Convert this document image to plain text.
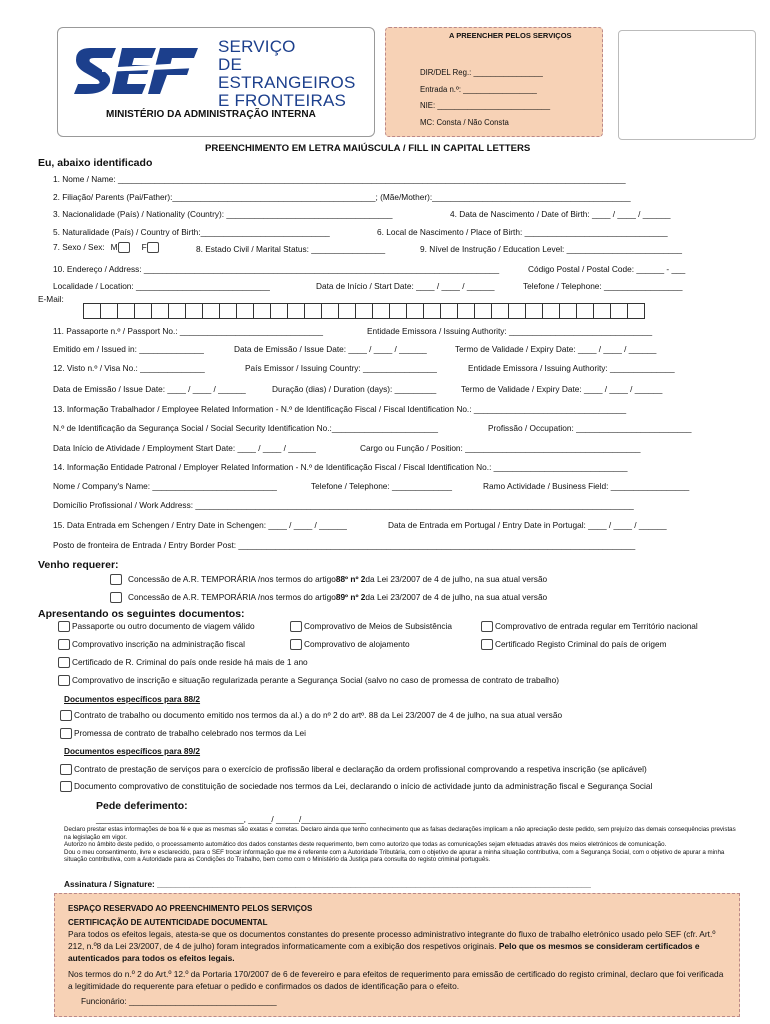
SERVIÇO
DE ESTRANGEIROS
E FRONTEIRAS
MINISTÉRIO DA ADMINISTRAÇÃO INTERNA
A PREENCHER PELOS SERVIÇOS
DIR/DEL Reg.: ________________
Entrada n.º: _________________
NIE: __________________________
MC: Consta / Não Consta
PREENCHIMENTO EM LETRA MAIÚSCULA / FILL IN CAPITAL LETTERS
Eu, abaixo identificado
1. Nome / Name: ______________________________________________________________________________________________________________
2. Filiação/ Parents (Pai/Father):____________________________________________; (Mãe/Mother):___________________________________________
3. Nacionalidade (País) / Nationality (Country): ____________________________________	4. Data de Nascimento / Date of Birth: ____ / ____ / ______
5. Naturalidade (País) / Country of Birth:____________________________	6. Local de Nascimento / Place of Birth: _______________________________
7. Sexo / Sex: M	F	8. Estado Civil / Marital Status: ________________	9. Nível de Instrução / Education Level: _________________________
10. Endereço / Address: _____________________________________________________________________________	Código Postal / Postal Code: ______ - ___
Localidade / Location: _____________________________	Data de Início / Start Date: ____ / ____ / ______	Telefone / Telephone: _________________
E-Mail:
11. Passaporte n.º / Passport No.: _______________________________	Entidade Emissora / Issuing Authority: _______________________________
Emitido em / Issued in: ______________	Data de Emissão / Issue Date: ____ / ____ / ______	Termo de Validade / Expiry Date: ____ / ____ / ______
12. Visto n.º / Visa No.: ______________	País Emissor / Issuing Country: ________________	Entidade Emissora / Issuing Authority: ______________
Data de Emissão / Issue Date: ____ / ____ / ______	Duração (dias) / Duration (days): _________	Termo de Validade / Expiry Date: ____ / ____ / ______
13. Informação Trabalhador / Employee Related Information - N.º de Identificação Fiscal / Fiscal Identification No.: _________________________________
N.º de Identificação da Segurança Social / Social Security Identification No.:_______________________	Profissão / Occupation: _________________________
Data Início de Atividade / Employment Start Date: ____ / ____ / ______	Cargo ou Função / Position: ______________________________________
14. Informação Entidade Patronal / Employer Related Information - N.º de Identificação Fiscal / Fiscal Identification No.: _____________________________
Nome / Company's Name: ___________________________	Telefone / Telephone: _____________	Ramo Actividade / Business Field: _________________
Domicílio Profissional / Work Address: _______________________________________________________________________________________________
15. Data Entrada em Schengen / Entry Date in Schengen: ____ / ____ / ______	Data de Entrada em Portugal / Entry Date in Portugal: ____ / ____ / ______
Posto de fronteira de Entrada / Entry Border Post: ______________________________________________________________________________________
Venho requerer:
Concessão de A.R. TEMPORÁRIA /nos termos do artigo 88º nº 2 da Lei 23/2007 de 4 de julho, na sua atual versão
Concessão de A.R. TEMPORÁRIA /nos termos do artigo 89º nº 2 da Lei 23/2007 de 4 de julho, na sua atual versão
Apresentando os seguintes documentos:
Passaporte ou outro documento de viagem válido	Comprovativo de Meios de Subsistência	Comprovativo de entrada regular em Território nacional
Comprovativo inscrição na administração fiscal	Comprovativo de alojamento	Certificado Registo Criminal do país de origem
Certificado de R. Criminal do país onde reside há mais de 1 ano
Comprovativo de inscrição e situação regularizada perante a Segurança Social (salvo no caso de promessa de contrato de trabalho)
Documentos específicos para 88/2
Contrato de trabalho ou documento emitido nos termos da al.) a do nº 2 do artº. 88 da Lei 23/2007 de 4 de julho, na sua atual versão
Promessa de contrato de trabalho celebrado nos termos da Lei
Documentos específicos para 89/2
Contrato de prestação de serviços para o exercício de profissão liberal e declaração da ordem profissional comprovando a respetiva inscrição (se aplicável)
Documento comprovativo de constituição de sociedade nos termos da Lei, declarando o início de actividade junto da administração fiscal e Segurança Social
Pede deferimento:
________________________________, _____/ _____/______________
Declaro prestar estas informações de boa fé e que as mesmas são exatas e corretas. Declaro ainda que tenho conhecimento que as falsas declarações implicam a não apreciação deste pedido, sem prejuízo das demais consequências previstas na legislação em vigor.
Autorizo no âmbito deste pedido, o processamento automático dos dados constantes deste requerimento, bem como autorizo que todas as comunicações sejam efetuadas através dos meios eletrónicos de comunicação.
Dou o meu consentimento, livre e esclarecido, para o SEF trocar informação que me é referente com a Autoridade Tributária, com o objetivo de apurar a minha situação contributiva, com a Segurança Social, com o objetivo de apurar a minha situação contributiva, com a Autoridade para as Condições do Trabalho, bem como com o Ministério da Justiça para consulta do registo criminal português.
Assinatura / Signature: ______________________________________________________________________________________________
ESPAÇO RESERVADO AO PREENCHIMENTO PELOS SERVIÇOS
CERTIFICAÇÃO DE AUTENTICIDADE DOCUMENTAL
Para todos os efeitos legais, atesta-se que os documentos constantes do presente processo administrativo integrante do fluxo de trabalho eletrónico usado pelo SEF (cfr. Art.º 212, n.º8 da Lei 23/2007, de 4 de julho) foram integrados informaticamente com a exibição dos respetivos originais. Pelo que os mesmos se consideram certificados e autenticados para todos os efeitos legais.
Nos termos do n.º 2 do Art.º 12.º da Portaria 170/2007 de 6 de fevereiro e para efeitos de requerimento para emissão de certificado do registo criminal, declaro que foi verificada a legitimidade do requerente para efetuar o pedido e confirmados os dados de identificação para o efeito.
Funcionário: ________________________________
